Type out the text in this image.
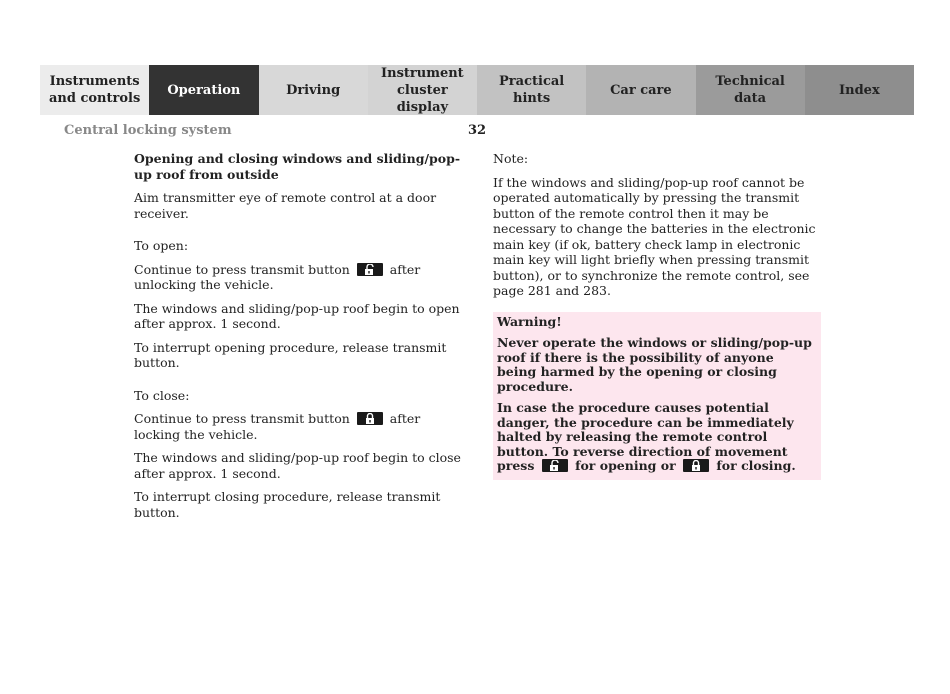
Instruments
and controls
Operation	Driving
Instrument
cluster display
Practical hints
Car care
Technical
data
Index
Central locking system	32

Opening and closing windows and sliding/pop-up roof from outside

Aim transmitter eye of remote control at a door receiver.

To open:

Continue to press transmit button	after unlocking the vehicle.

The windows and sliding/pop-up roof begin to open after approx. 1 second.

To interrupt opening procedure, release transmit button.

To close:

Continue to press transmit button	after locking the vehicle.

The windows and sliding/pop-up roof begin to close after approx. 1 second.

To interrupt closing procedure, release transmit button.

Note:

If the windows and sliding/pop-up roof cannot be operated automatically by pressing the transmit button of the remote control then it may be necessary to change the batteries in the electronic main key (if ok, battery check lamp in electronic main key will light briefly when pressing transmit button), or to synchronize the remote control, see page 281 and 283.

Warning!

Never operate the windows or sliding/pop-up roof if there is the possibility of anyone being harmed by the opening or closing procedure.

In case the procedure causes potential danger, the procedure can be immediately halted by releasing the remote control button. To reverse direction of movement press	for opening or	for closing.
